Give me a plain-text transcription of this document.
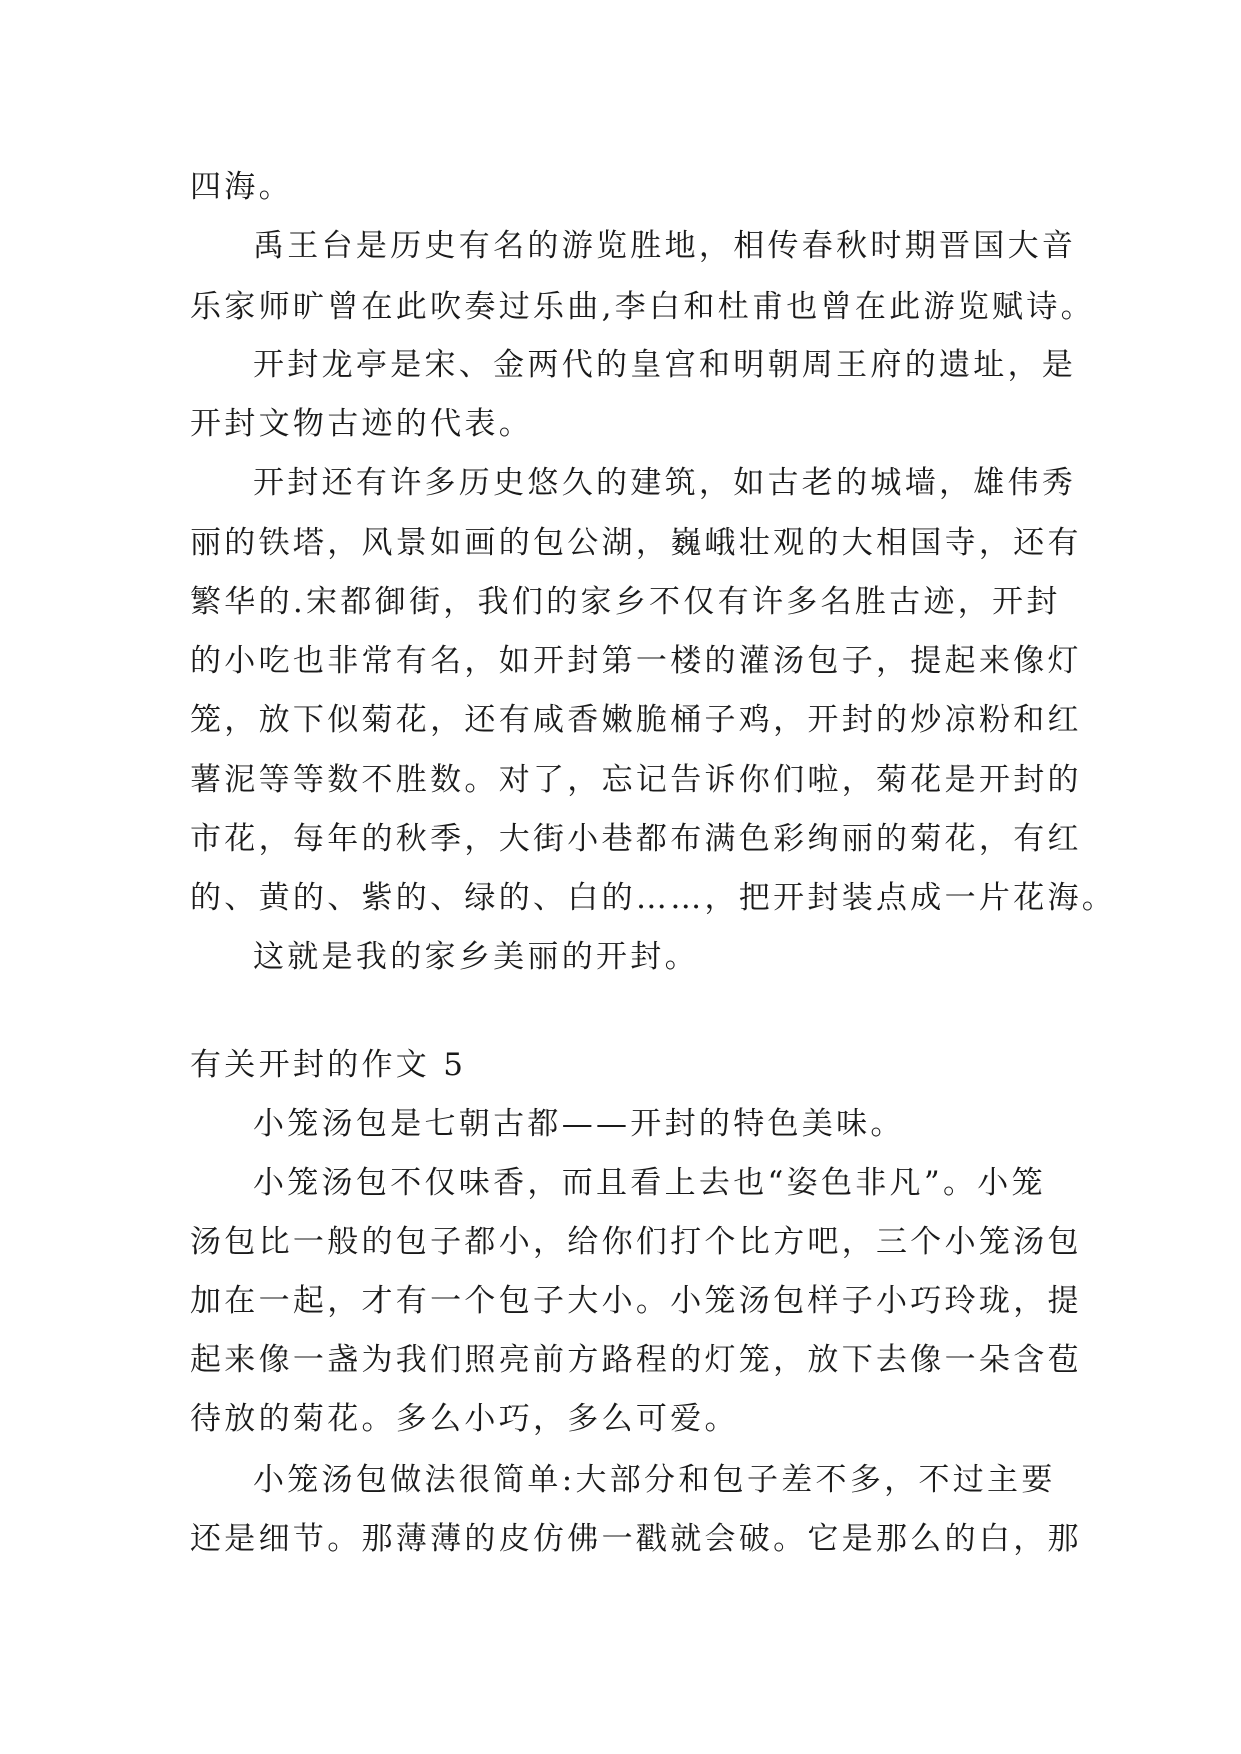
四海。
禹王台是历史有名的游览胜地，相传春秋时期晋国大音
乐家师旷曾在此吹奏过乐曲,李白和杜甫也曾在此游览赋诗。
开封龙亭是宋、金两代的皇宫和明朝周王府的遗址，是
开封文物古迹的代表。
开封还有许多历史悠久的建筑，如古老的城墙，雄伟秀
丽的铁塔，风景如画的包公湖，巍峨壮观的大相国寺，还有
繁华的.宋都御街，我们的家乡不仅有许多名胜古迹，开封
的小吃也非常有名，如开封第一楼的灌汤包子，提起来像灯
笼，放下似菊花，还有咸香嫩脆桶子鸡，开封的炒凉粉和红
薯泥等等数不胜数。对了，忘记告诉你们啦，菊花是开封的
市花，每年的秋季，大街小巷都布满色彩绚丽的菊花，有红
的、黄的、紫的、绿的、白的……，把开封装点成一片花海。
这就是我的家乡美丽的开封。
有关开封的作文 5
小笼汤包是七朝古都——开封的特色美味。
小笼汤包不仅味香，而且看上去也“姿色非凡”。小笼
汤包比一般的包子都小，给你们打个比方吧，三个小笼汤包
加在一起，才有一个包子大小。小笼汤包样子小巧玲珑，提
起来像一盏为我们照亮前方路程的灯笼，放下去像一朵含苞
待放的菊花。多么小巧，多么可爱。
小笼汤包做法很简单:大部分和包子差不多，不过主要
还是细节。那薄薄的皮仿佛一戳就会破。它是那么的白，那
